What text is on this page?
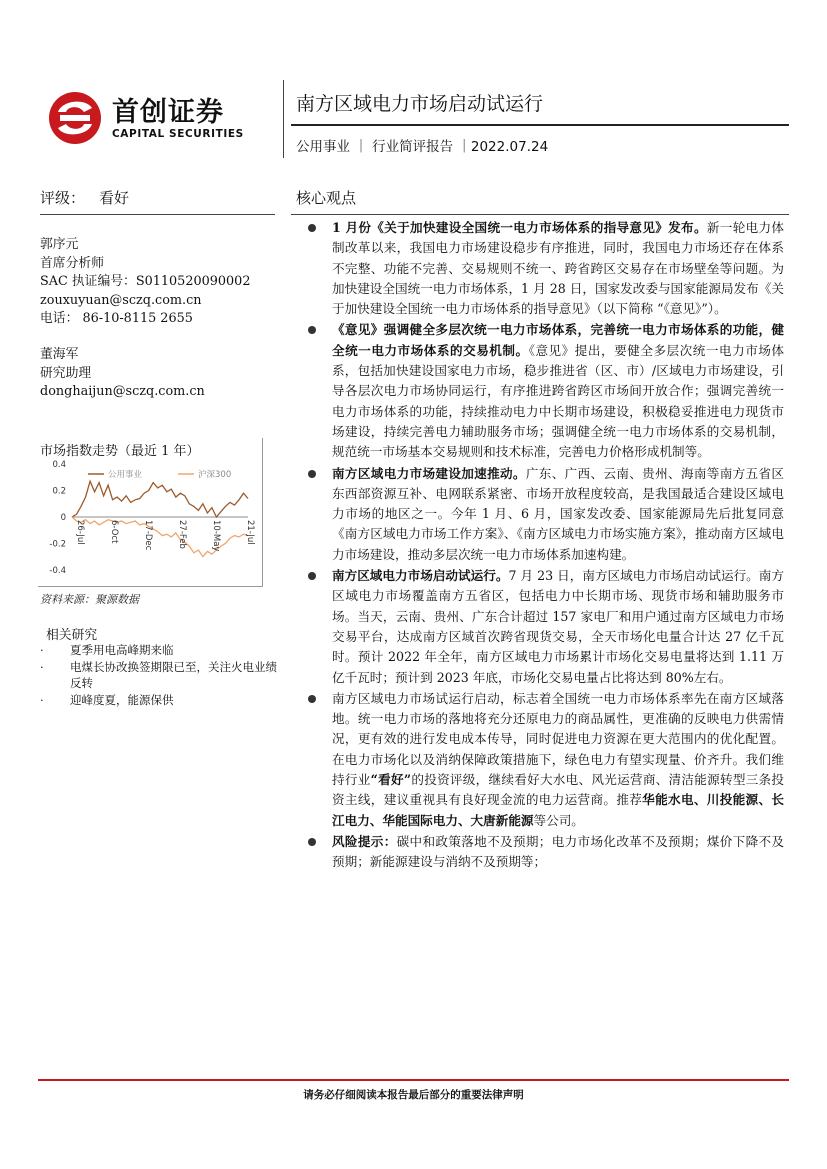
首创证券
CAPITAL SECURITIES
南方区域电力市场启动试运行
公用事业 ｜ 行业简评报告 ｜2022.07.24
评级： 看好
郭序元
首席分析师
SAC 执证编号：S0110520090002
zouxuyuan@sczq.com.cn
电话： 86-10-8115 2655
董海军
研究助理
donghaijun@sczq.com.cn
市场指数走势（最近 1 年）
0.4
0.2
0
-0.2
-0.4
公用事业	沪深300
26-Jul	6-Oct	17-Dec	27-Feb	10-May	21-Jul
资料来源：聚源数据
相关研究
· 夏季用电高峰期来临
· 电煤长协改换签期限已至，关注火电业绩反转
· 迎峰度夏，能源保供
核心观点
1 月份《关于加快建设全国统一电力市场体系的指导意见》发布。新一轮电力体制改革以来，我国电力市场建设稳步有序推进，同时，我国电力市场还存在体系不完整、功能不完善、交易规则不统一、跨省跨区交易存在市场壁垒等问题。为加快建设全国统一电力市场体系，1 月 28 日，国家发改委与国家能源局发布《关于加快建设全国统一电力市场体系的指导意见》（以下简称 “《意见》”）。
《意见》强调健全多层次统一电力市场体系，完善统一电力市场体系的功能，健全统一电力市场体系的交易机制。《意见》提出，要健全多层次统一电力市场体系，包括加快建设国家电力市场，稳步推进省（区、市）/区域电力市场建设，引导各层次电力市场协同运行，有序推进跨省跨区市场间开放合作；强调完善统一电力市场体系的功能，持续推动电力中长期市场建设，积极稳妥推进电力现货市场建设，持续完善电力辅助服务市场；强调健全统一电力市场体系的交易机制，规范统一市场基本交易规则和技术标准，完善电力价格形成机制等。
南方区域电力市场建设加速推动。广东、广西、云南、贵州、海南等南方五省区东西部资源互补、电网联系紧密、市场开放程度较高，是我国最适合建设区域电力市场的地区之一。今年 1 月、6 月，国家发改委、国家能源局先后批复同意《南方区域电力市场工作方案》、《南方区域电力市场实施方案》，推动南方区域电力市场建设，推动多层次统一电力市场体系加速构建。
南方区域电力市场启动试运行。7 月 23 日，南方区域电力市场启动试运行。南方区域电力市场覆盖南方五省区，包括电力中长期市场、现货市场和辅助服务市场。当天，云南、贵州、广东合计超过 157 家电厂和用户通过南方区域电力市场交易平台，达成南方区域首次跨省现货交易，全天市场化电量合计达 27 亿千瓦时。预计 2022 年全年，南方区域电力市场累计市场化交易电量将达到 1.11 万亿千瓦时；预计到 2023 年底，市场化交易电量占比将达到 80%左右。
南方区域电力市场试运行启动，标志着全国统一电力市场体系率先在南方区域落地。统一电力市场的落地将充分还原电力的商品属性，更准确的反映电力供需情况，更有效的进行发电成本传导，同时促进电力资源在更大范围内的优化配置。在电力市场化以及消纳保障政策措施下，绿色电力有望实现量、价齐升。我们维持行业“看好”的投资评级，继续看好大水电、风光运营商、清洁能源转型三条投资主线，建议重视具有良好现金流的电力运营商。推荐华能水电、川投能源、长江电力、华能国际电力、大唐新能源等公司。
风险提示：碳中和政策落地不及预期；电力市场化改革不及预期；煤价下降不及预期；新能源建设与消纳不及预期等；
请务必仔细阅读本报告最后部分的重要法律声明
